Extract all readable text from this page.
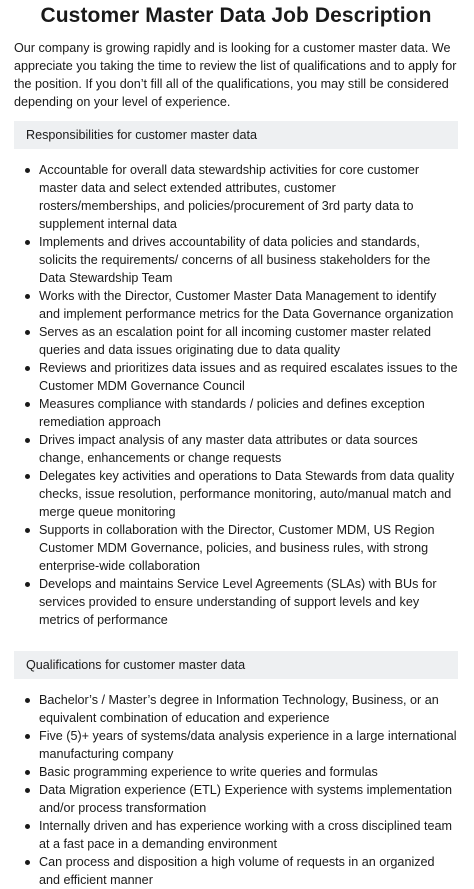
Customer Master Data Job Description

Our company is growing rapidly and is looking for a customer master data. We appreciate you taking the time to review the list of qualifications and to apply for the position. If you don’t fill all of the qualifications, you may still be considered depending on your level of experience.

Responsibilities for customer master data
Accountable for overall data stewardship activities for core customer master data and select extended attributes, customer rosters/memberships, and policies/procurement of 3rd party data to supplement internal data
Implements and drives accountability of data policies and standards, solicits the requirements/ concerns of all business stakeholders for the Data Stewardship Team
Works with the Director, Customer Master Data Management to identify and implement performance metrics for the Data Governance organization
Serves as an escalation point for all incoming customer master related queries and data issues originating due to data quality
Reviews and prioritizes data issues and as required escalates issues to the Customer MDM Governance Council
Measures compliance with standards / policies and defines exception remediation approach
Drives impact analysis of any master data attributes or data sources change, enhancements or change requests
Delegates key activities and operations to Data Stewards from data quality checks, issue resolution, performance monitoring, auto/manual match and merge queue monitoring
Supports in collaboration with the Director, Customer MDM, US Region Customer MDM Governance, policies, and business rules, with strong enterprise-wide collaboration
Develops and maintains Service Level Agreements (SLAs) with BUs for services provided to ensure understanding of support levels and key metrics of performance
Qualifications for customer master data
Bachelor’s / Master’s degree in Information Technology, Business, or an equivalent combination of education and experience
Five (5)+ years of systems/data analysis experience in a large international manufacturing company
Basic programming experience to write queries and formulas
Data Migration experience (ETL) Experience with systems implementation and/or process transformation
Internally driven and has experience working with a cross disciplined team at a fast pace in a demanding environment
Can process and disposition a high volume of requests in an organized and efficient manner
